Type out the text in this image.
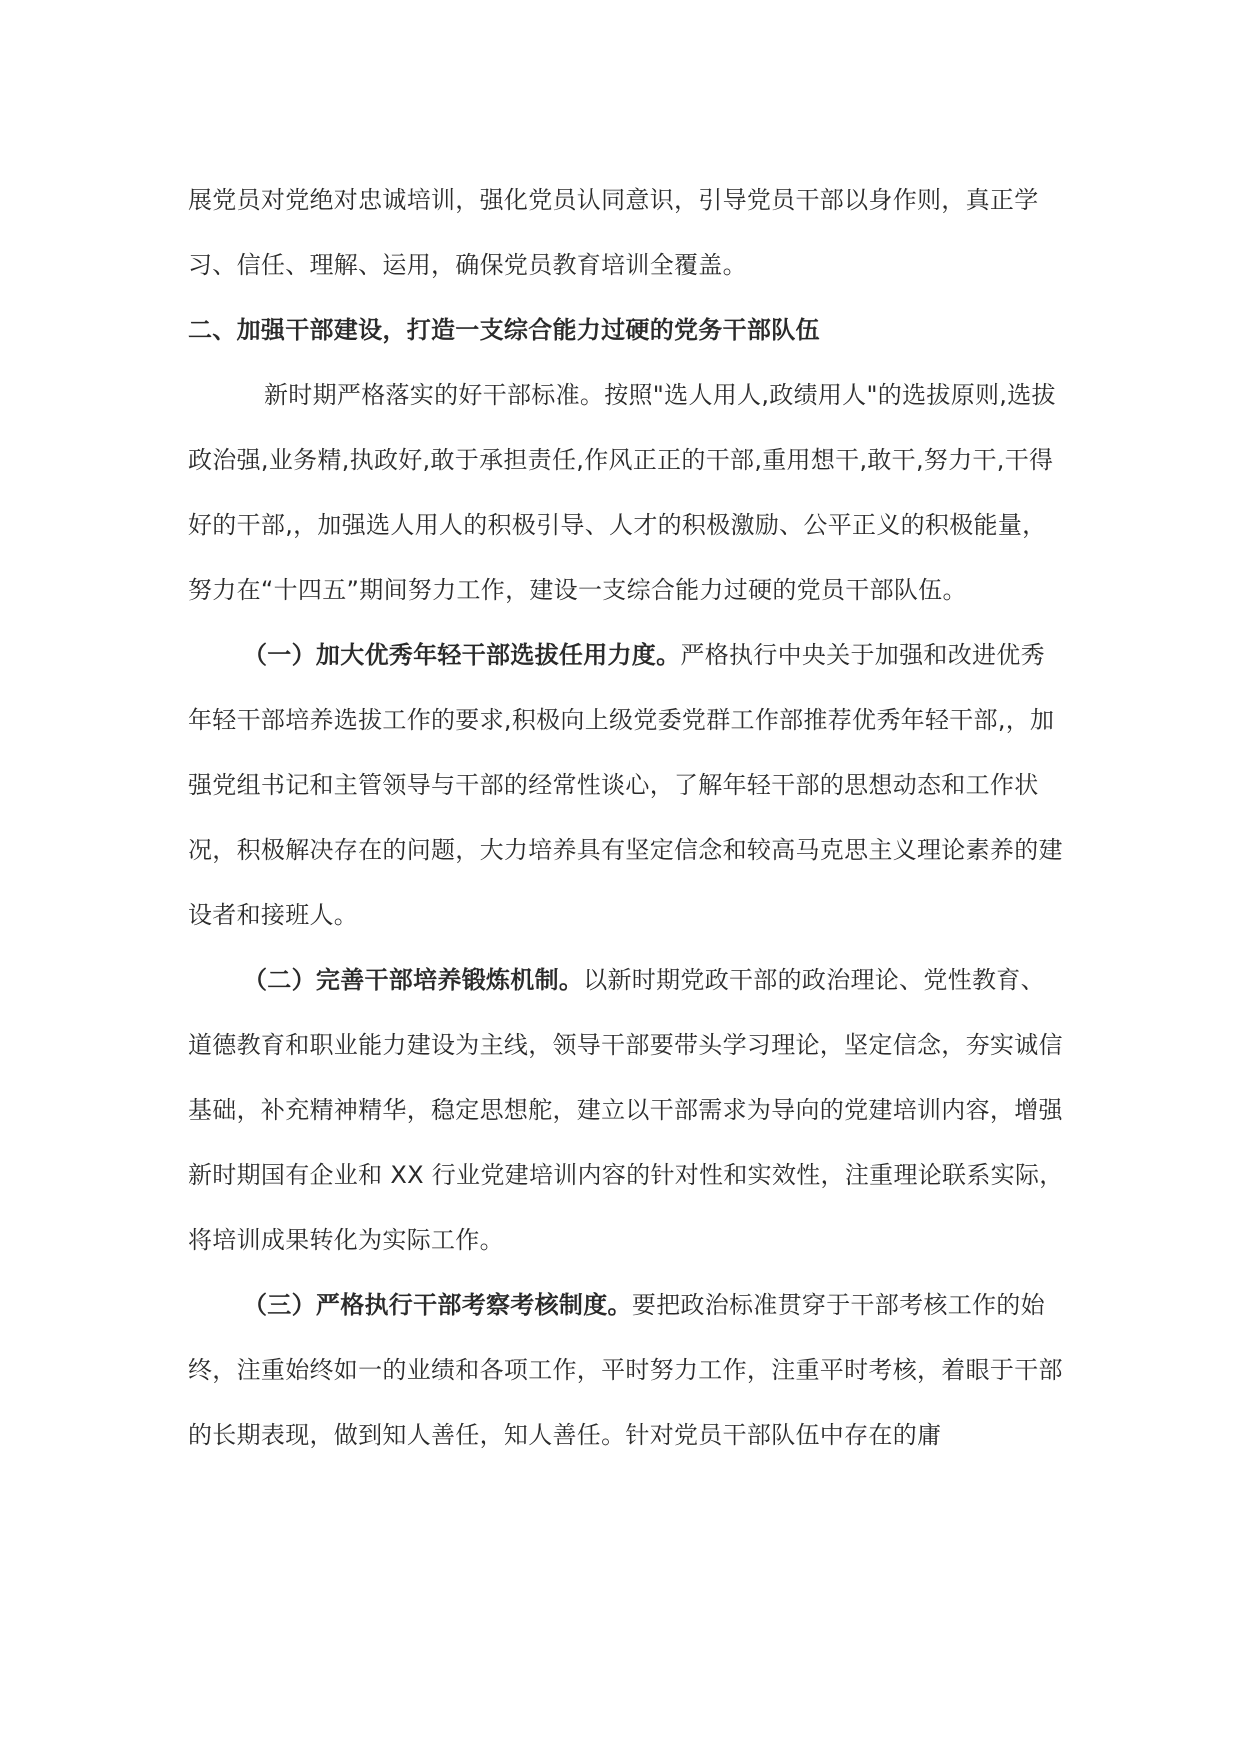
展党员对党绝对忠诚培训，强化党员认同意识，引导党员干部以身作则，真正学习、信任、理解、运用，确保党员教育培训全覆盖。

二、加强干部建设，打造一支综合能力过硬的党务干部队伍

新时期严格落实的好干部标准。按照"选人用人,政绩用人"的选拔原则,选拔政治强,业务精,执政好,敢于承担责任,作风正正的干部,重用想干,敢干,努力干,干得好的干部,，加强选人用人的积极引导、人才的积极激励、公平正义的积极能量，努力在“十四五”期间努力工作，建设一支综合能力过硬的党员干部队伍。

（一）加大优秀年轻干部选拔任用力度。严格执行中央关于加强和改进优秀年轻干部培养选拔工作的要求,积极向上级党委党群工作部推荐优秀年轻干部,，加强党组书记和主管领导与干部的经常性谈心，了解年轻干部的思想动态和工作状况，积极解决存在的问题，大力培养具有坚定信念和较高马克思主义理论素养的建设者和接班人。

（二）完善干部培养锻炼机制。以新时期党政干部的政治理论、党性教育、道德教育和职业能力建设为主线，领导干部要带头学习理论，坚定信念，夯实诚信基础，补充精神精华，稳定思想舵，建立以干部需求为导向的党建培训内容，增强新时期国有企业和 XX 行业党建培训内容的针对性和实效性，注重理论联系实际，将培训成果转化为实际工作。

（三）严格执行干部考察考核制度。要把政治标准贯穿于干部考核工作的始终，注重始终如一的业绩和各项工作，平时努力工作，注重平时考核，着眼于干部的长期表现，做到知人善任，知人善任。针对党员干部队伍中存在的庸
